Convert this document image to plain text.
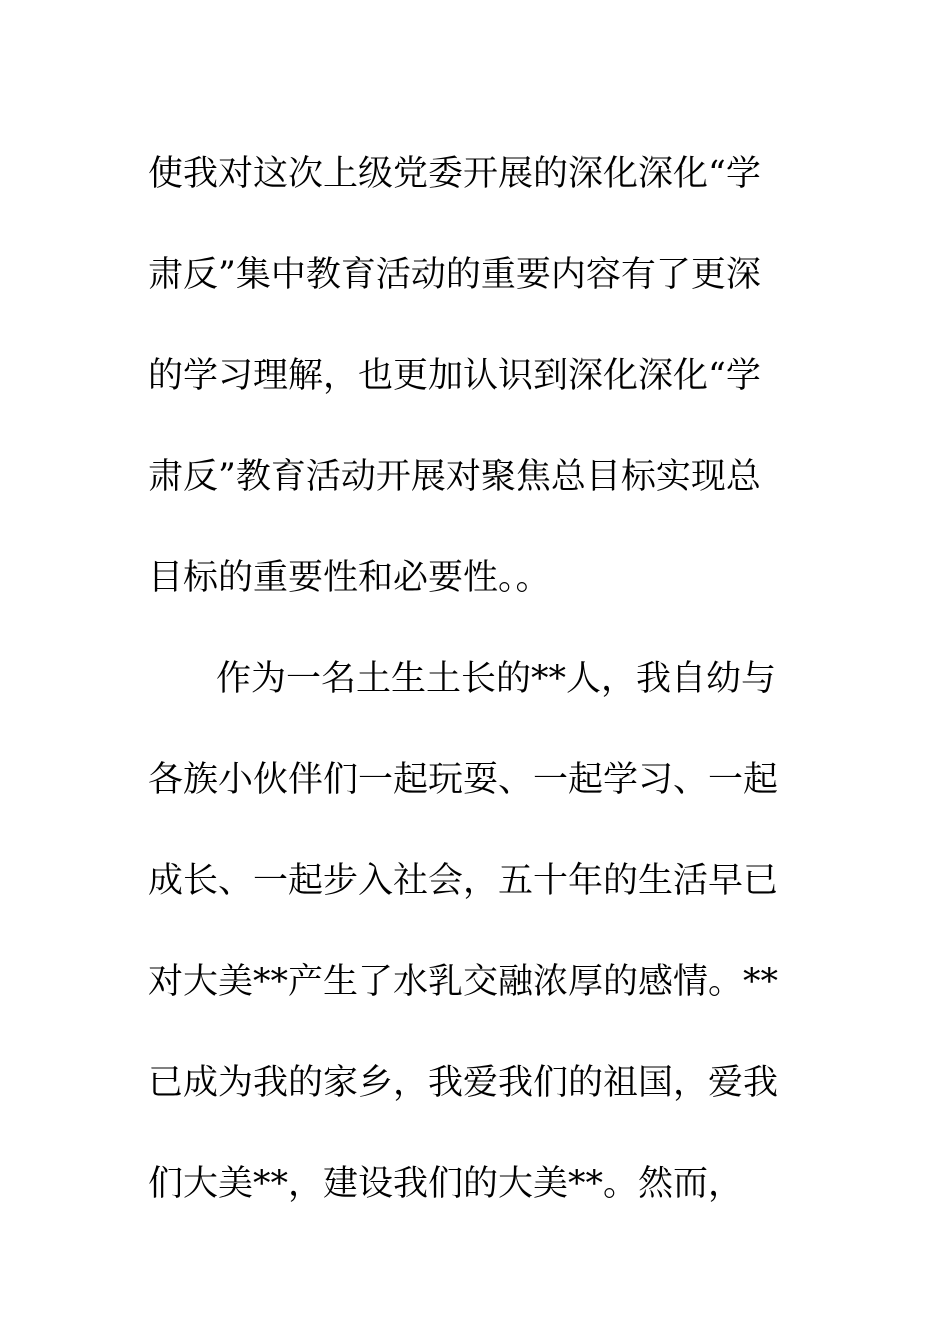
使我对这次上级党委开展的深化深化“学
肃反”集中教育活动的重要内容有了更深
的学习理解，也更加认识到深化深化“学
肃反”教育活动开展对聚焦总目标实现总
目标的重要性和必要性。。
作为一名土生土长的**人，我自幼与
各族小伙伴们一起玩耍、一起学习、一起
成长、一起步入社会，五十年的生活早已
对大美**产生了水乳交融浓厚的感情。**
已成为我的家乡，我爱我们的祖国，爱我
们大美**，建设我们的大美**。然而，
